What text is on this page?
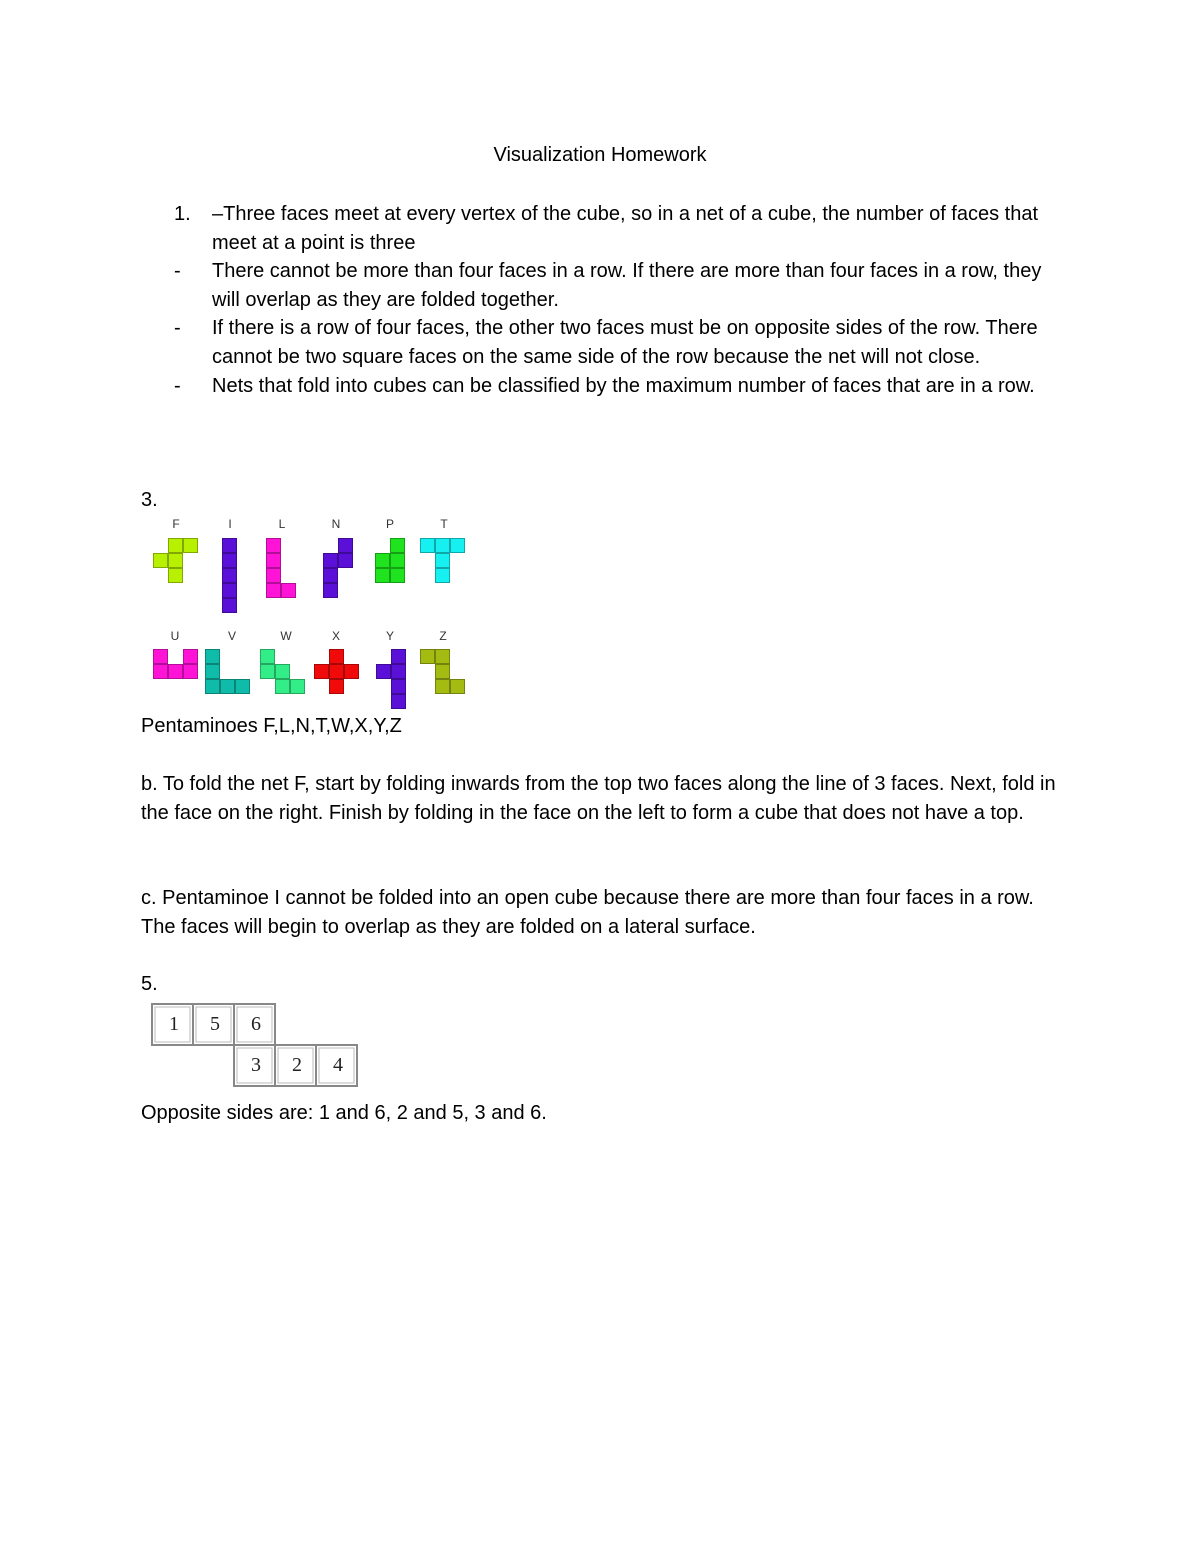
Visualization Homework
1.	–Three faces meet at every vertex of the cube, so in a net of a cube, the number of faces that meet at a point is three
-	There cannot be more than four faces in a row. If there are more than four faces in a row, they will overlap as they are folded together.
-	If there is a row of four faces, the other two faces must be on opposite sides of the row. There cannot be two square faces on the same side of the row because the net will not close.
-	Nets that fold into cubes can be classified by the maximum number of faces that are in a row.
3.
F	I	L	N	P	T
U	V	W	X	Y	Z
Pentaminoes F,L,N,T,W,X,Y,Z
b. To fold the net F, start by folding inwards from the top two faces along the line of 3 faces. Next, fold in the face on the right. Finish by folding in the face on the left to form a cube that does not have a top.
c. Pentaminoe I cannot be folded into an open cube because there are more than four faces in a row. The faces will begin to overlap as they are folded on a lateral surface.
5.
1 5 6
3 2 4
Opposite sides are: 1 and 6, 2 and 5, 3 and 6.
